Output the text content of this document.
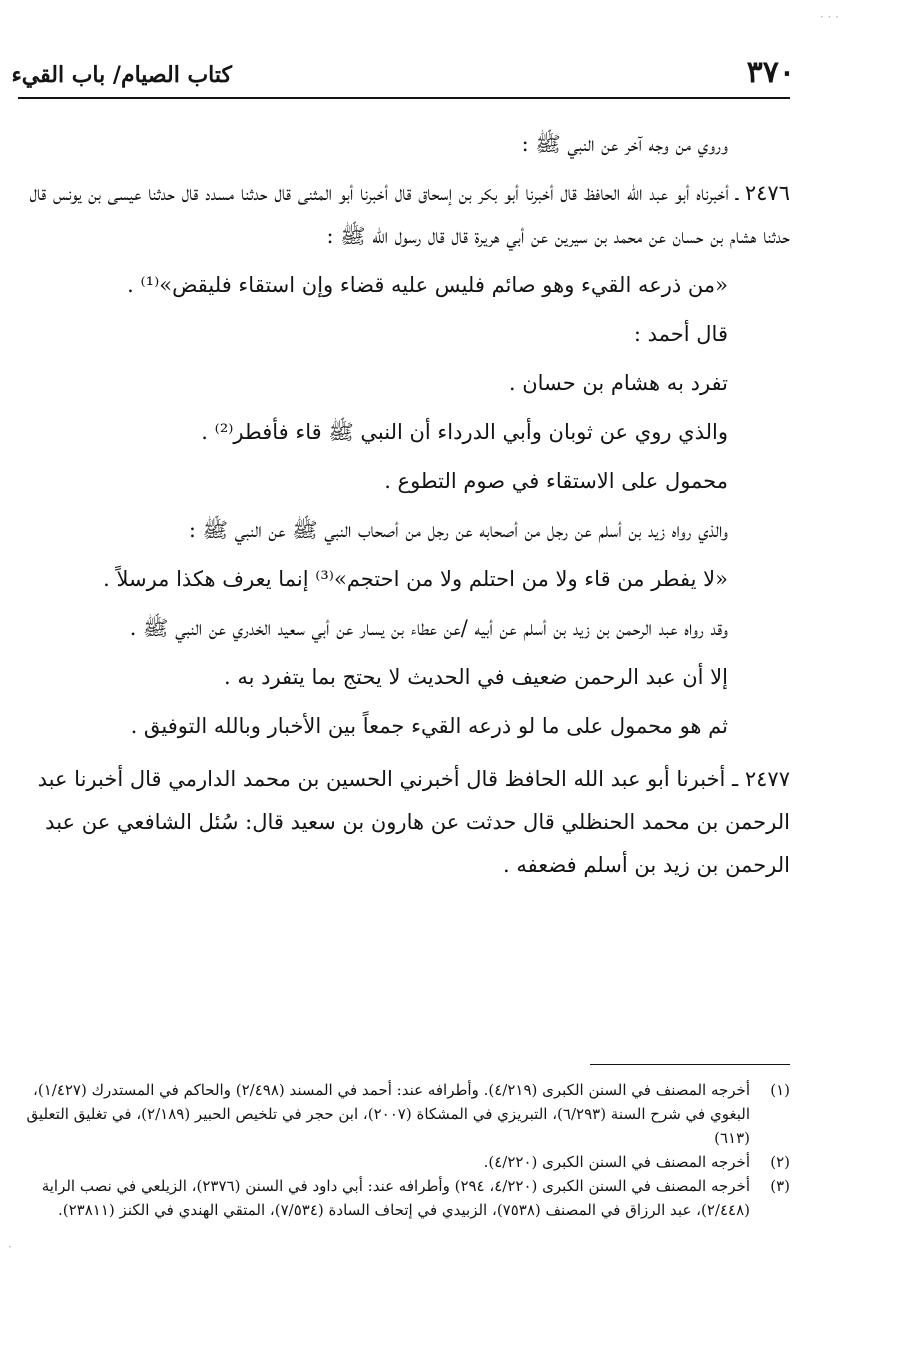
كتاب الصيام/ باب القيء	٣٧٠

وروي من وجه آخر عن النبي ﷺ :

٢٤٧٦ ـ أخبرناه أبو عبد الله الحافظ قال أخبرنا أبو بكر بن إسحاق قال أخبرنا أبو المثنى قال حدثنا مسدد قال حدثنا عيسى بن يونس قال حدثنا هشام بن حسان عن محمد بن سيرين عن أبي هريرة قال قال رسول الله ﷺ :

«من ذرعه القيء وهو صائم فليس عليه قضاء وإن استقاء فليقض»⁽¹⁾ .

قال أحمد :

تفرد به هشام بن حسان .

والذي روي عن ثوبان وأبي الدرداء أن النبي ﷺ قاء فأفطر⁽²⁾ .

محمول على الاستقاء في صوم التطوع .

والذي رواه زيد بن أسلم عن رجل من أصحابه عن رجل من أصحاب النبي ﷺ عن النبي ﷺ :

«لا يفطر من قاء ولا من احتلم ولا من احتجم»⁽³⁾ إنما يعرف هكذا مرسلاً .

وقد رواه عبد الرحمن بن زيد بن أسلم عن أبيه /عن عطاء بن يسار عن أبي سعيد الخدري عن النبي ﷺ .

إلا أن عبد الرحمن ضعيف في الحديث لا يحتج بما يتفرد به .

ثم هو محمول على ما لو ذرعه القيء جمعاً بين الأخبار وبالله التوفيق .

٢٤٧٧ ـ أخبرنا أبو عبد الله الحافظ قال أخبرني الحسين بن محمد الدارمي قال أخبرنا عبد الرحمن بن محمد الحنظلي قال حدثت عن هارون بن سعيد قال: سُئل الشافعي عن عبد الرحمن بن زيد بن أسلم فضعفه .

(١)
أخرجه المصنف في السنن الكبرى (٤/٢١٩). وأطرافه عند: أحمد في المسند (٢/٤٩٨) والحاكم في المستدرك (١/٤٢٧)، البغوي في شرح السنة (٦/٢٩٣)، التبريزي في المشكاة (٢٠٠٧)، ابن حجر في تلخيص الحبير (٢/١٨٩)، في تغليق التعليق (٦١٣)
(٢)
أخرجه المصنف في السنن الكبرى (٤/٢٢٠).
(٣)
أخرجه المصنف في السنن الكبرى (٤/٢٢٠، ٢٩٤) وأطرافه عند: أبي داود في السنن (٢٣٧٦)، الزيلعي في نصب الراية (٢/٤٤٨)، عبد الرزاق في المصنف (٧٥٣٨)، الزبيدي في إتحاف السادة (٧/٥٣٤)، المتقي الهندي في الكنز (٢٣٨١١).
· · ·
·
